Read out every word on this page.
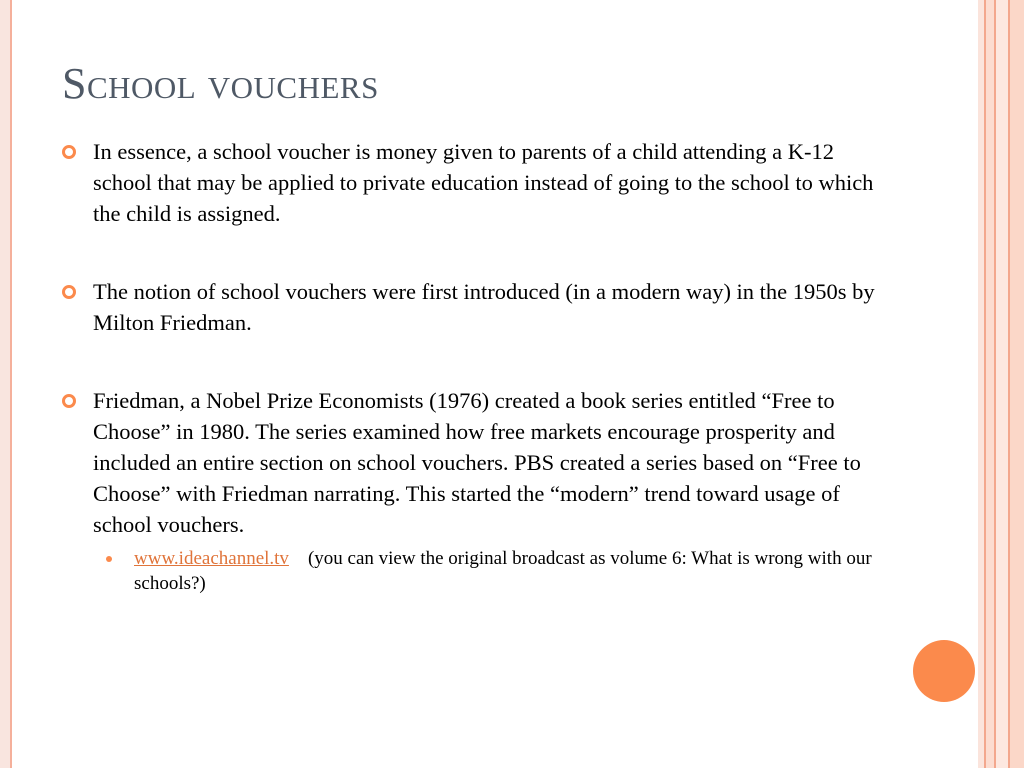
School vouchers
In essence, a school voucher is money given to parents of a child attending a K-12 school that may be applied to private education instead of going to the school to which the child is assigned.
The notion of school vouchers were first introduced (in a modern way) in the 1950s by Milton Friedman.
Friedman, a Nobel Prize Economists (1976) created a book series entitled “Free to Choose” in 1980. The series examined how free markets encourage prosperity and included an entire section on school vouchers. PBS created a series based on “Free to Choose” with Friedman narrating. This started the “modern” trend toward usage of school vouchers.
www.ideachannel.tv (you can view the original broadcast as volume 6: What is wrong with our schools?)
